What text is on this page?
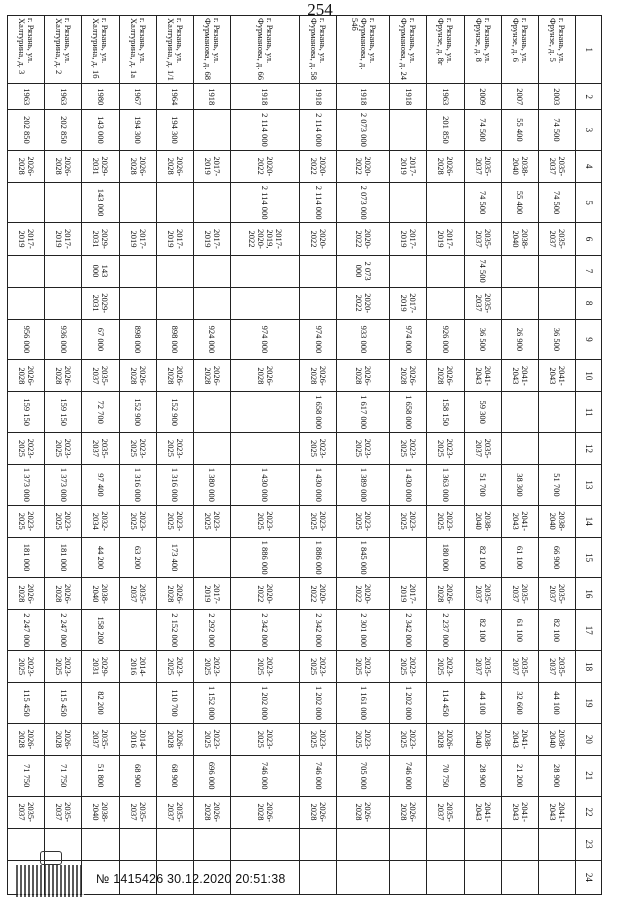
254
1	2	3	4	5	6	7	8	9	10	11	12	13	14	15	16	17	18	19	20	21	22	23	24
г. Рязань, ул. Фрунзе, д. 5	2003	74 500	2035-2037	74 500	2035-2037			36 500	2041-2043			51 700	2038-2040	66 900	2035-2037	82 100	2035-2037	44 100	2038-2040	28 900	2041-2043		
г. Рязань, ул. Фрунзе, д. 6	2007	55 400	2038-2040	55 400	2038-2040			26 900	2041-2043			38 300	2041-2043	61 100	2035-2037	61 100	2035-2037	32 600	2041-2043	21 200	2041-2043		
г. Рязань, ул. Фрунзе, д. 8	2009	74 500	2035-2037	74 500	2035-2037	74 500	2035-2037	36 500	2041-2043	59 300	2035-2037	51 700	2038-2040	82 100	2035-2037	82 100	2035-2037	44 100	2038-2040	28 900	2041-2043		
г. Рязань, ул. Фрунзе, д. 8г	1963	201 850	2026-2028		2017-2019			926 000	2026-2028	158 150	2023-2025	1 363 000	2023-2025	180 000	2026-2028	2 237 000	2023-2025	114 450	2026-2028	70 750	2035-2037		
г. Рязань, ул. Фурманова, д. 24	1918		2017-2019		2017-2019		2017-2019	974 000	2026-2028	1 658 000	2023-2025	1 430 000	2023-2025		2017-2019	2 342 000	2023-2025	1 202 000	2023-2025	746 000	2026-2028		
г. Рязань, ул. Фурманова, д. 54б	1918	2 073 000	2020-2022	2 073 000	2020-2022	2 073 000	2020-2022	933 000	2026-2028	1 617 000	2023-2025	1 389 000	2023-2025	1 845 000	2020-2022	2 301 000	2023-2025	1 161 000	2023-2025	705 000	2026-2028		
г. Рязань, ул. Фурманова, д. 58	1918	2 114 000	2020-2022	2 114 000	2020-2022			974 000	2026-2028	1 658 000	2023-2025	1 430 000	2023-2025	1 886 000	2020-2022	2 342 000	2023-2025	1 202 000	2023-2025	746 000	2026-2028		
г. Рязань, ул. Фурманова, д. 66	1918	2 114 000	2020-2022	2 114 000	2017-2019, 2020-2022			974 000	2026-2028			1 430 000	2023-2025	1 886 000	2020-2022	2 342 000	2023-2025	1 202 000	2023-2025	746 000	2026-2028		
г. Рязань, ул. Фурманова, д. 68	1918		2017-2019		2017-2019			924 000	2026-2028			1 380 000	2023-2025		2017-2019	2 292 000	2023-2025	1 152 000	2023-2025	696 000	2026-2028		
г. Рязань, ул. Халтурина, д. 1/1	1964	194 300	2026-2028		2017-2019			898 000	2026-2028	152 900	2023-2025	1 316 000	2023-2025	173 400	2026-2028	2 152 000	2023-2025	110 700	2026-2028	68 900	2035-2037		
г. Рязань, ул. Халтурина, д. 1а	1967	194 300	2026-2028		2017-2019			898 000	2026-2028	152 900	2023-2025	1 316 000	2023-2025	63 200	2035-2037		2014-2016		2014-2016	68 900	2035-2037		
г. Рязань, ул. Халтурина, д. 1б	1980	143 000	2029-2031	143 000	2029-2031	143 000	2029-2031	67 000	2035-2037	72 700	2035-2037	97 400	2032-2034	44 200	2038-2040	158 200	2029-2031	82 200	2035-2037	51 800	2038-2040		
г. Рязань, ул. Халтурина, д. 2	1963	202 850	2026-2028		2017-2019			936 000	2026-2028	159 150	2023-2025	1 373 000	2023-2025	181 000	2026-2028	2 247 000	2023-2025	115 450	2026-2028	71 750	2035-2037		
г. Рязань, ул. Халтурина, д. 3	1963	202 850	2026-2028		2017-2019			956 000	2026-2028	159 150	2023-2025	1 373 000	2023-2025	181 000	2026-2028	2 247 000	2023-2025	115 450	2026-2028	71 750	2035-2037		
№ 1415426 30.12.2020 20:51:38
